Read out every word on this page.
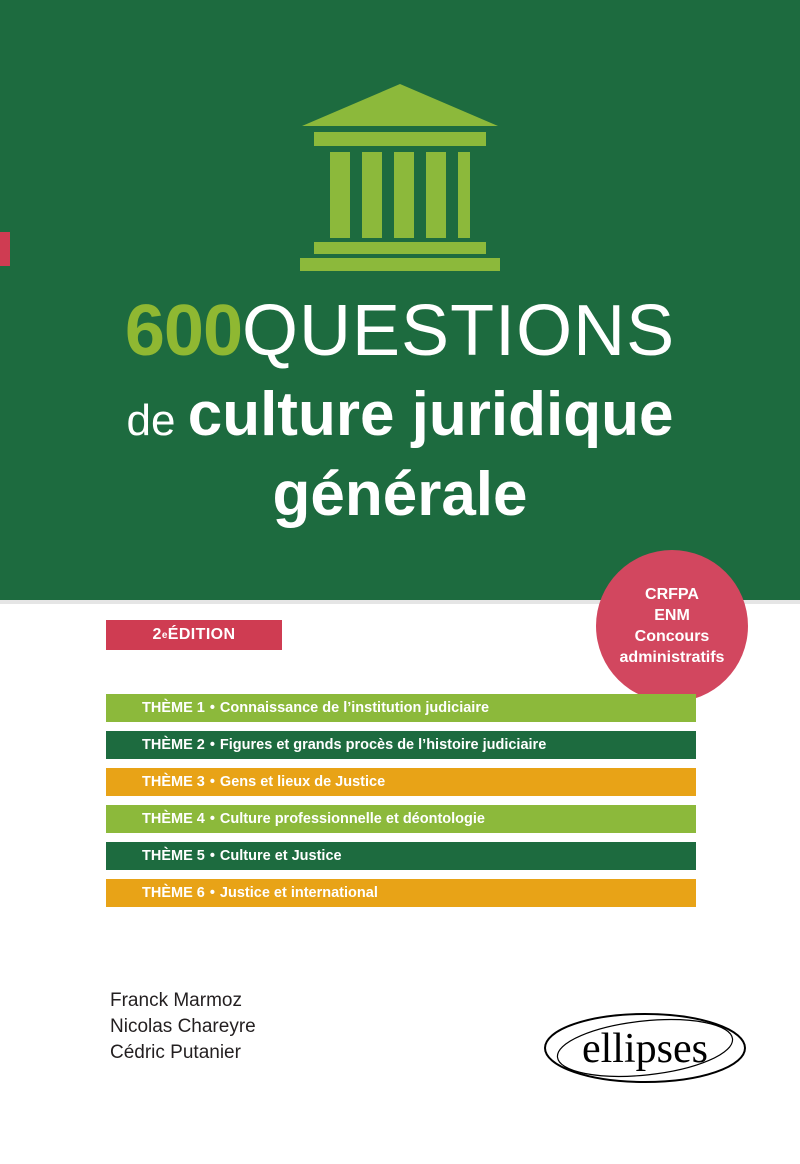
600QUESTIONS
de culture juridique
générale
2 e ÉDITION
CRFPA
ENM
Concours
administratifs
THÈME 1 • Connaissance de l’institution judiciaire
THÈME 2 • Figures et grands procès de l’histoire judiciaire
THÈME 3 • Gens et lieux de Justice
THÈME 4 • Culture professionnelle et déontologie
THÈME 5 • Culture et Justice
THÈME 6 • Justice et international
Franck Marmoz
Nicolas Chareyre
Cédric Putanier	ellipses
